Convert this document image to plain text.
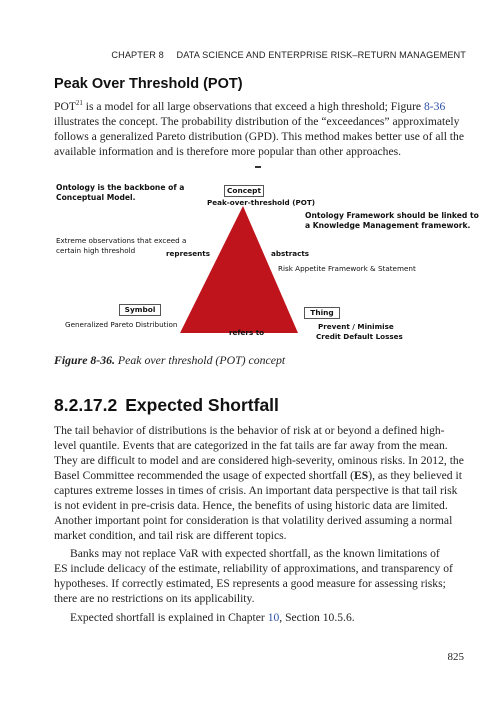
CHAPTER 8 DATA SCIENCE AND ENTERPRISE RISK–RETURN MANAGEMENT
Peak Over Threshold (POT)
POT$^{21}$ is a model for all large observations that exceed a high threshold; Figure 8-36
illustrates the concept. The probability distribution of the “exceedances” approximately
follows a generalized Pareto distribution (GPD). This method makes better use of all the
available information and is therefore more popular than other approaches.
Ontology is the backbone of a
Conceptual Model.
Concept
Peak-over-threshold (POT)
Ontology Framework should be linked to
a Knowledge Management framework.
Extreme observations that exceed a
certain high threshold	represents	abstracts
Risk Appetite Framework & Statement
Symbol
Generalized Pareto Distribution
Thing
Prevent / Minimise
Credit Default Losses
refers to
Figure 8-36. Peak over threshold (POT) concept
8.2.17.2 Expected Shortfall
The tail behavior of distributions is the behavior of risk at or beyond a defined high-
level quantile. Events that are categorized in the fat tails are far away from the mean.
They are difficult to model and are considered high-severity, ominous risks. In 2012, the
Basel Committee recommended the usage of expected shortfall (ES), as they believed it
captures extreme losses in times of crisis. An important data perspective is that tail risk
is not evident in pre-crisis data. Hence, the benefits of using historic data are limited.
Another important point for consideration is that volatility derived assuming a normal
market condition, and tail risk are different topics.
Banks may not replace VaR with expected shortfall, as the known limitations of
ES include delicacy of the estimate, reliability of approximations, and transparency of
hypotheses. If correctly estimated, ES represents a good measure for assessing risks;
there are no restrictions on its applicability.
Expected shortfall is explained in Chapter 10, Section 10.5.6.
825
